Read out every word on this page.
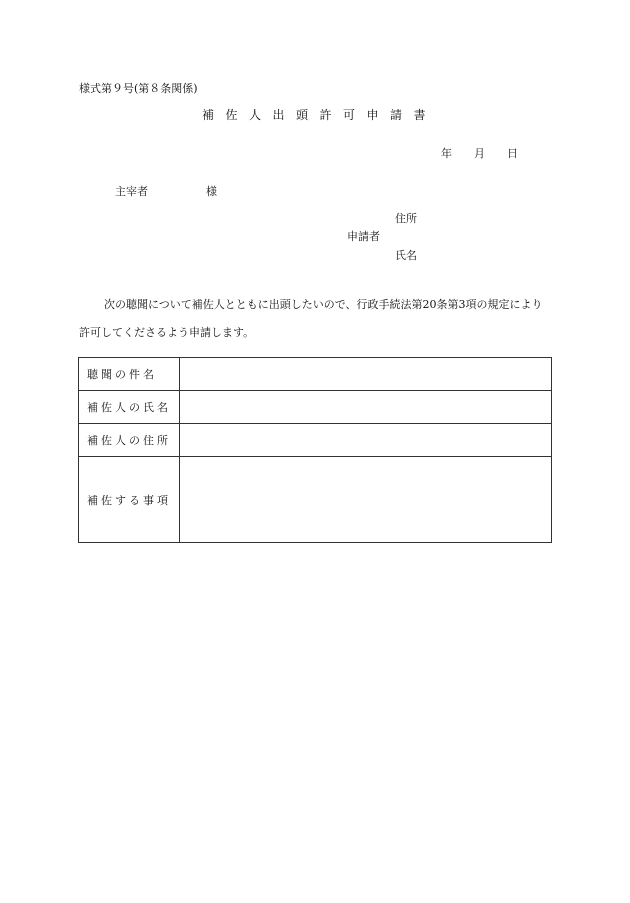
様式第９号(第８条関係)
補佐人出頭許可申請書
年 月 日
主宰者	様
住所
申請者
氏名
次の聴聞について補佐人とともに出頭したいので、行政手続法第20条第3項の規定により許可してくださるよう申請します。
聴聞の件名	
補佐人の氏名	
補佐人の住所	
補佐する事項	
